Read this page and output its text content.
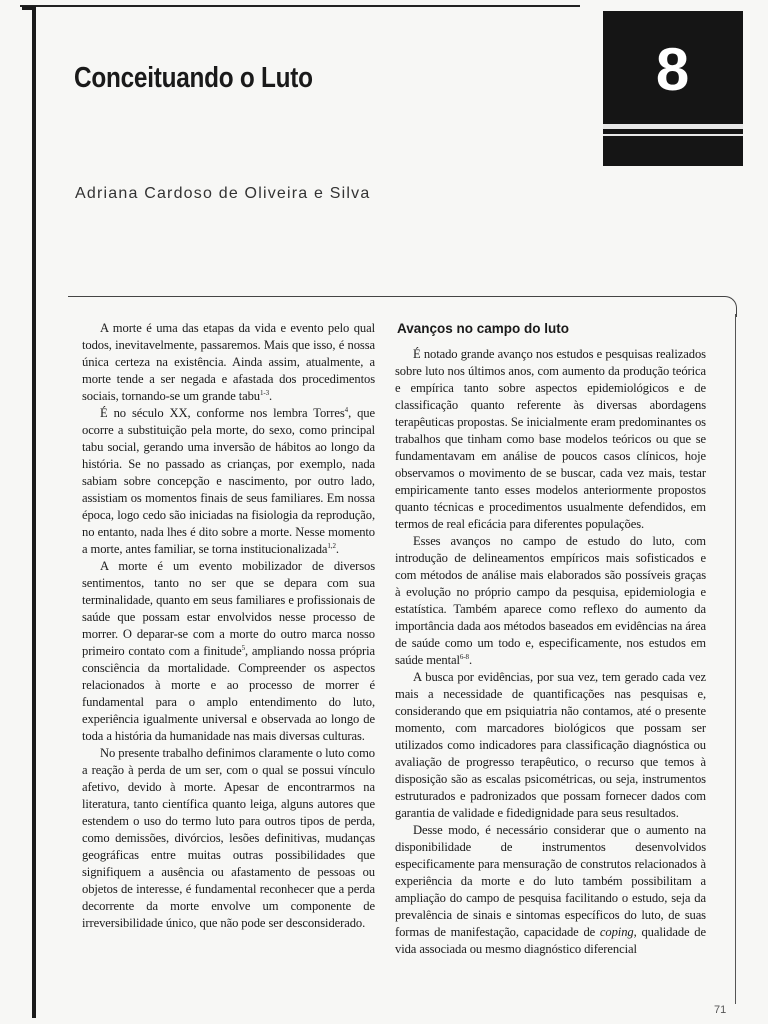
8
Conceituando o Luto
Adriana Cardoso de Oliveira e Silva

A morte é uma das etapas da vida e evento pelo qual todos, inevitavelmente, passaremos. Mais que isso, é nossa única certeza na existência. Ainda assim, atualmente, a morte tende a ser negada e afastada dos procedimentos sociais, tornando-se um grande tabu$^{1-3}$.

É no século XX, conforme nos lembra Torres$^4$, que ocorre a substituição pela morte, do sexo, como principal tabu social, gerando uma inversão de hábitos ao longo da história. Se no passado as crianças, por exemplo, nada sabiam sobre concepção e nascimento, por outro lado, assistiam os momentos finais de seus familiares. Em nossa época, logo cedo são iniciadas na fisiologia da reprodução, no entanto, nada lhes é dito sobre a morte. Nesse momento a morte, antes familiar, se torna institucionalizada$^{1,2}$.

A morte é um evento mobilizador de diversos sentimentos, tanto no ser que se depara com sua terminalidade, quanto em seus familiares e profissionais de saúde que possam estar envolvidos nesse processo de morrer. O deparar-se com a morte do outro marca nosso primeiro contato com a finitude$^5$, ampliando nossa própria consciência da mortalidade. Compreender os aspectos relacionados à morte e ao processo de morrer é fundamental para o amplo entendimento do luto, experiência igualmente universal e observada ao longo de toda a história da humanidade nas mais diversas culturas.

No presente trabalho definimos claramente o luto como a reação à perda de um ser, com o qual se possui vínculo afetivo, devido à morte. Apesar de encontrarmos na literatura, tanto científica quanto leiga, alguns autores que estendem o uso do termo luto para outros tipos de perda, como demissões, divórcios, lesões definitivas, mudanças geográficas entre muitas outras possibilidades que signifiquem a ausência ou afastamento de pessoas ou objetos de interesse, é fundamental reconhecer que a perda decorrente da morte envolve um componente de irreversibilidade único, que não pode ser desconsiderado.

Avanços no campo do luto

É notado grande avanço nos estudos e pesquisas realizados sobre luto nos últimos anos, com aumento da produção teórica e empírica tanto sobre aspectos epidemiológicos e de classificação quanto referente às diversas abordagens terapêuticas propostas. Se inicialmente eram predominantes os trabalhos que tinham como base modelos teóricos ou que se fundamentavam em análise de poucos casos clínicos, hoje observamos o movimento de se buscar, cada vez mais, testar empiricamente tanto esses modelos anteriormente propostos quanto técnicas e procedimentos usualmente defendidos, em termos de real eficácia para diferentes populações.

Esses avanços no campo de estudo do luto, com introdução de delineamentos empíricos mais sofisticados e com métodos de análise mais elaborados são possíveis graças à evolução no próprio campo da pesquisa, epidemiologia e estatística. Também aparece como reflexo do aumento da importância dada aos métodos baseados em evidências na área de saúde como um todo e, especificamente, nos estudos em saúde mental$^{6-8}$.

A busca por evidências, por sua vez, tem gerado cada vez mais a necessidade de quantificações nas pesquisas e, considerando que em psiquiatria não contamos, até o presente momento, com marcadores biológicos que possam ser utilizados como indicadores para classificação diagnóstica ou avaliação de progresso terapêutico, o recurso que temos à disposição são as escalas psicométricas, ou seja, instrumentos estruturados e padronizados que possam fornecer dados com garantia de validade e fidedignidade para seus resultados.

Desse modo, é necessário considerar que o aumento na disponibilidade de instrumentos desenvolvidos especificamente para mensuração de construtos relacionados à experiência da morte e do luto também possibilitam a ampliação do campo de pesquisa facilitando o estudo, seja da prevalência de sinais e sintomas específicos do luto, de suas formas de manifestação, capacidade de coping, qualidade de vida associada ou mesmo diagnóstico diferencial

71
